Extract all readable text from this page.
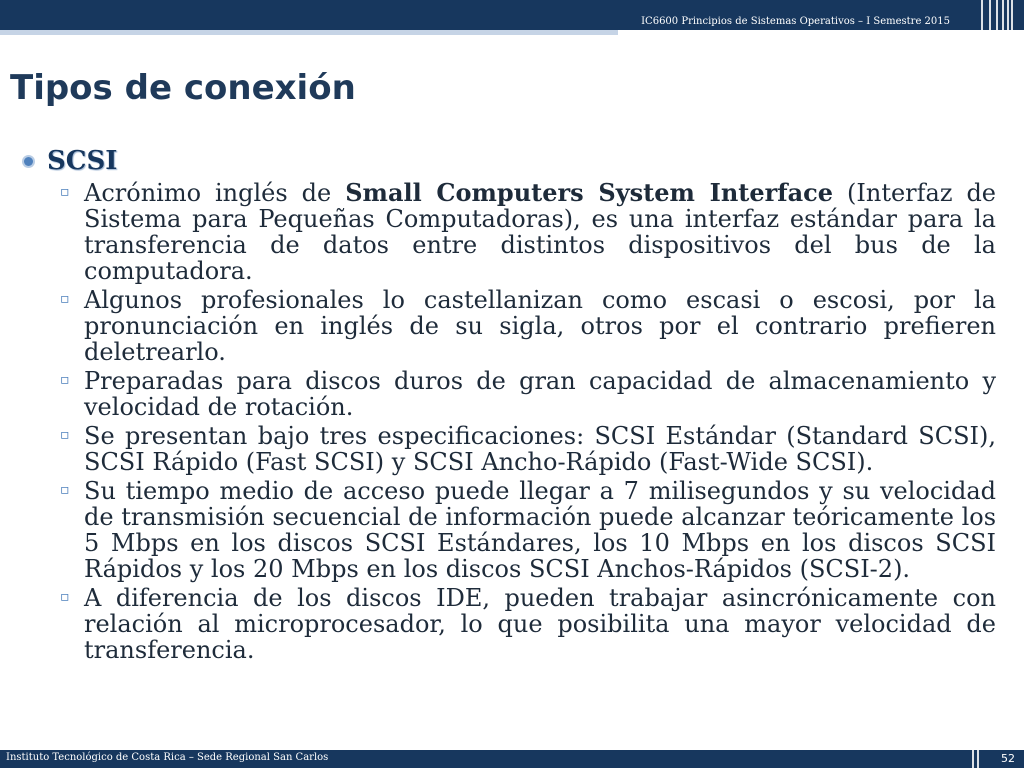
IC6600 Principios de Sistemas Operativos – I Semestre 2015
Tipos de conexión
SCSI
▫ Acrónimo inglés de Small Computers System Interface (Interfaz de Sistema para Pequeñas Computadoras), es una interfaz estándar para la transferencia de datos entre distintos dispositivos del bus de la computadora.
▫ Algunos profesionales lo castellanizan como escasi o escosi, por la pronunciación en inglés de su sigla, otros por el contrario prefieren deletrearlo.
▫ Preparadas para discos duros de gran capacidad de almacenamiento y velocidad de rotación.
▫ Se presentan bajo tres especificaciones: SCSI Estándar (Standard SCSI), SCSI Rápido (Fast SCSI) y SCSI Ancho-Rápido (Fast-Wide SCSI).
▫ Su tiempo medio de acceso puede llegar a 7 milisegundos y su velocidad de transmisión secuencial de información puede alcanzar teóricamente los 5 Mbps en los discos SCSI Estándares, los 10 Mbps en los discos SCSI Rápidos y los 20 Mbps en los discos SCSI Anchos-Rápidos (SCSI-2).
▫ A diferencia de los discos IDE, pueden trabajar asincrónicamente con relación al microprocesador, lo que posibilita una mayor velocidad de transferencia.
Instituto Tecnológico de Costa Rica – Sede Regional San Carlos	52
